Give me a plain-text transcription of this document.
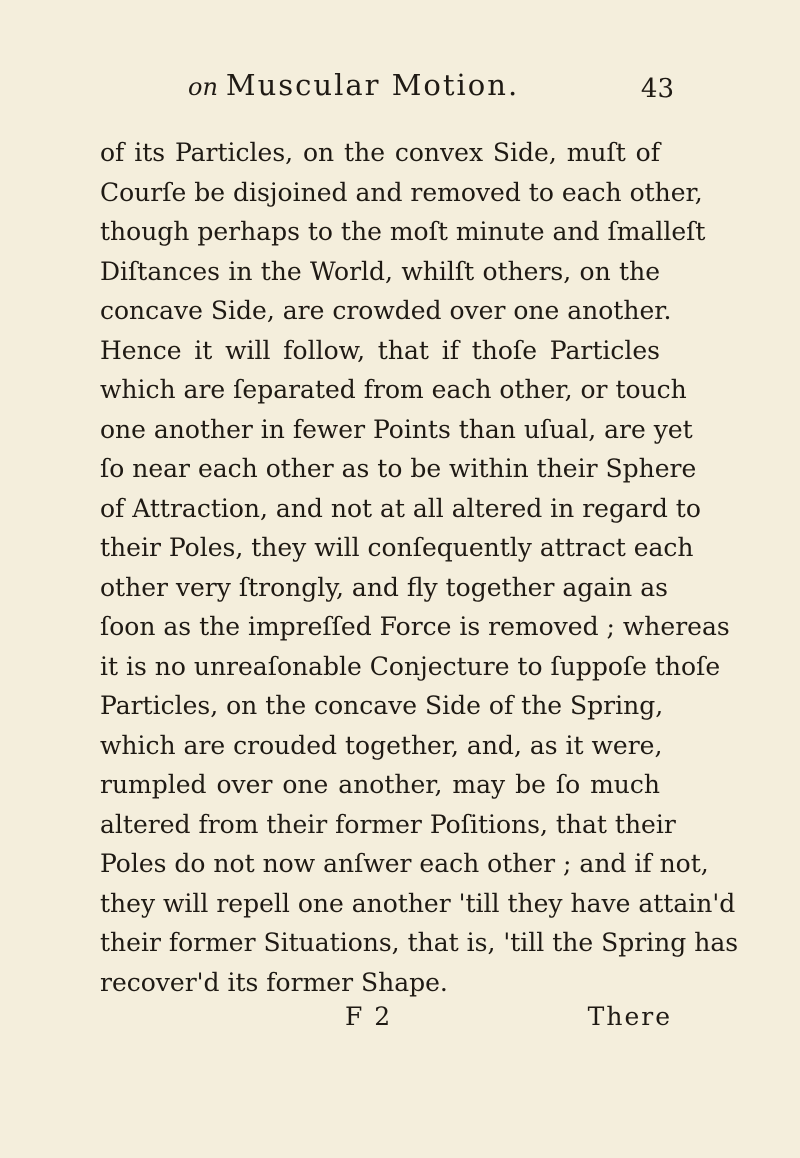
on Muscular Motion.	43
of its Particles, on the convex Side, muſt of
Courſe be disjoined and removed to each other,
though perhaps to the moſt minute and ſmalleſt
Diſtances in the World, whilſt others, on the
concave Side, are crowded over one another.
Hence it will follow, that if thoſe Particles
which are ſeparated from each other, or touch
one another in fewer Points than uſual, are yet
ſo near each other as to be within their Sphere
of Attraction, and not at all altered in regard to
their Poles, they will conſequently attract each
other very ſtrongly, and fly together again as
ſoon as the impreſſed Force is removed ; whereas
it is no unreaſonable Conjecture to ſuppoſe thoſe
Particles, on the concave Side of the Spring,
which are crouded together, and, as it were,
rumpled over one another, may be ſo much
altered from their former Poſitions, that their
Poles do not now anſwer each other ; and if not,
they will repell one another 'till they have attain'd
their former Situations, that is, 'till the Spring has
recover'd its former Shape.
F 2	There
